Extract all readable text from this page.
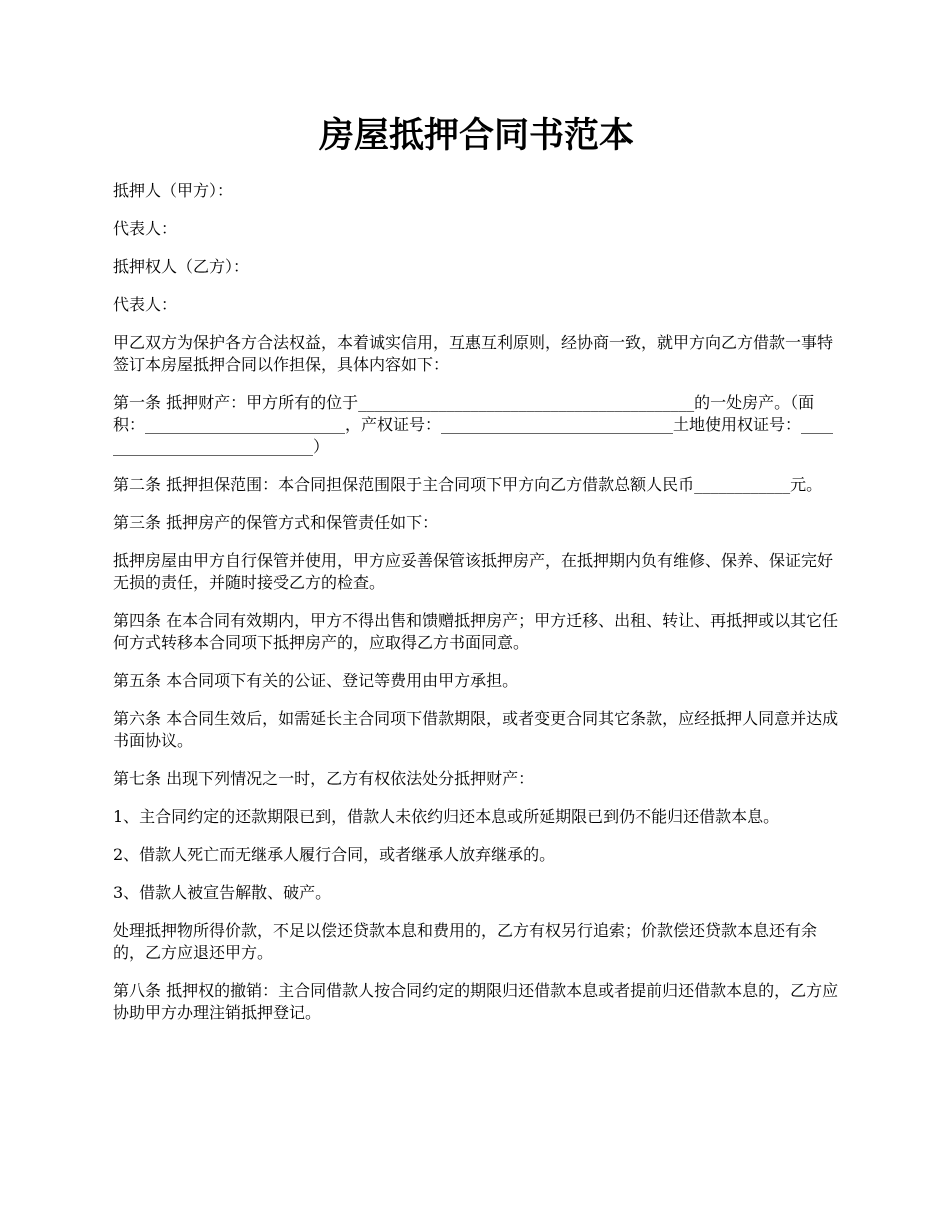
房屋抵押合同书范本

抵押人（甲方）：

代表人：

抵押权人（乙方）：

代表人：

甲乙双方为保护各方合法权益，本着诚实信用，互惠互利原则，经协商一致，就甲方向乙方借款一事特签订本房屋抵押合同以作担保，具体内容如下：

第一条 抵押财产：甲方所有的位于__________________________________________的一处房产。（面积：_________________________，产权证号：_____________________________土地使用权证号：_____________________________）

第二条 抵押担保范围：本合同担保范围限于主合同项下甲方向乙方借款总额人民币____________元。

第三条 抵押房产的保管方式和保管责任如下：

抵押房屋由甲方自行保管并使用，甲方应妥善保管该抵押房产，在抵押期内负有维修、保养、保证完好无损的责任，并随时接受乙方的检查。

第四条 在本合同有效期内，甲方不得出售和馈赠抵押房产；甲方迁移、出租、转让、再抵押或以其它任何方式转移本合同项下抵押房产的，应取得乙方书面同意。

第五条 本合同项下有关的公证、登记等费用由甲方承担。

第六条 本合同生效后，如需延长主合同项下借款期限，或者变更合同其它条款，应经抵押人同意并达成书面协议。

第七条 出现下列情况之一时，乙方有权依法处分抵押财产：

1、主合同约定的还款期限已到，借款人未依约归还本息或所延期限已到仍不能归还借款本息。

2、借款人死亡而无继承人履行合同，或者继承人放弃继承的。

3、借款人被宣告解散、破产。

处理抵押物所得价款，不足以偿还贷款本息和费用的，乙方有权另行追索；价款偿还贷款本息还有余的，乙方应退还甲方。

第八条 抵押权的撤销：主合同借款人按合同约定的期限归还借款本息或者提前归还借款本息的，乙方应协助甲方办理注销抵押登记。
